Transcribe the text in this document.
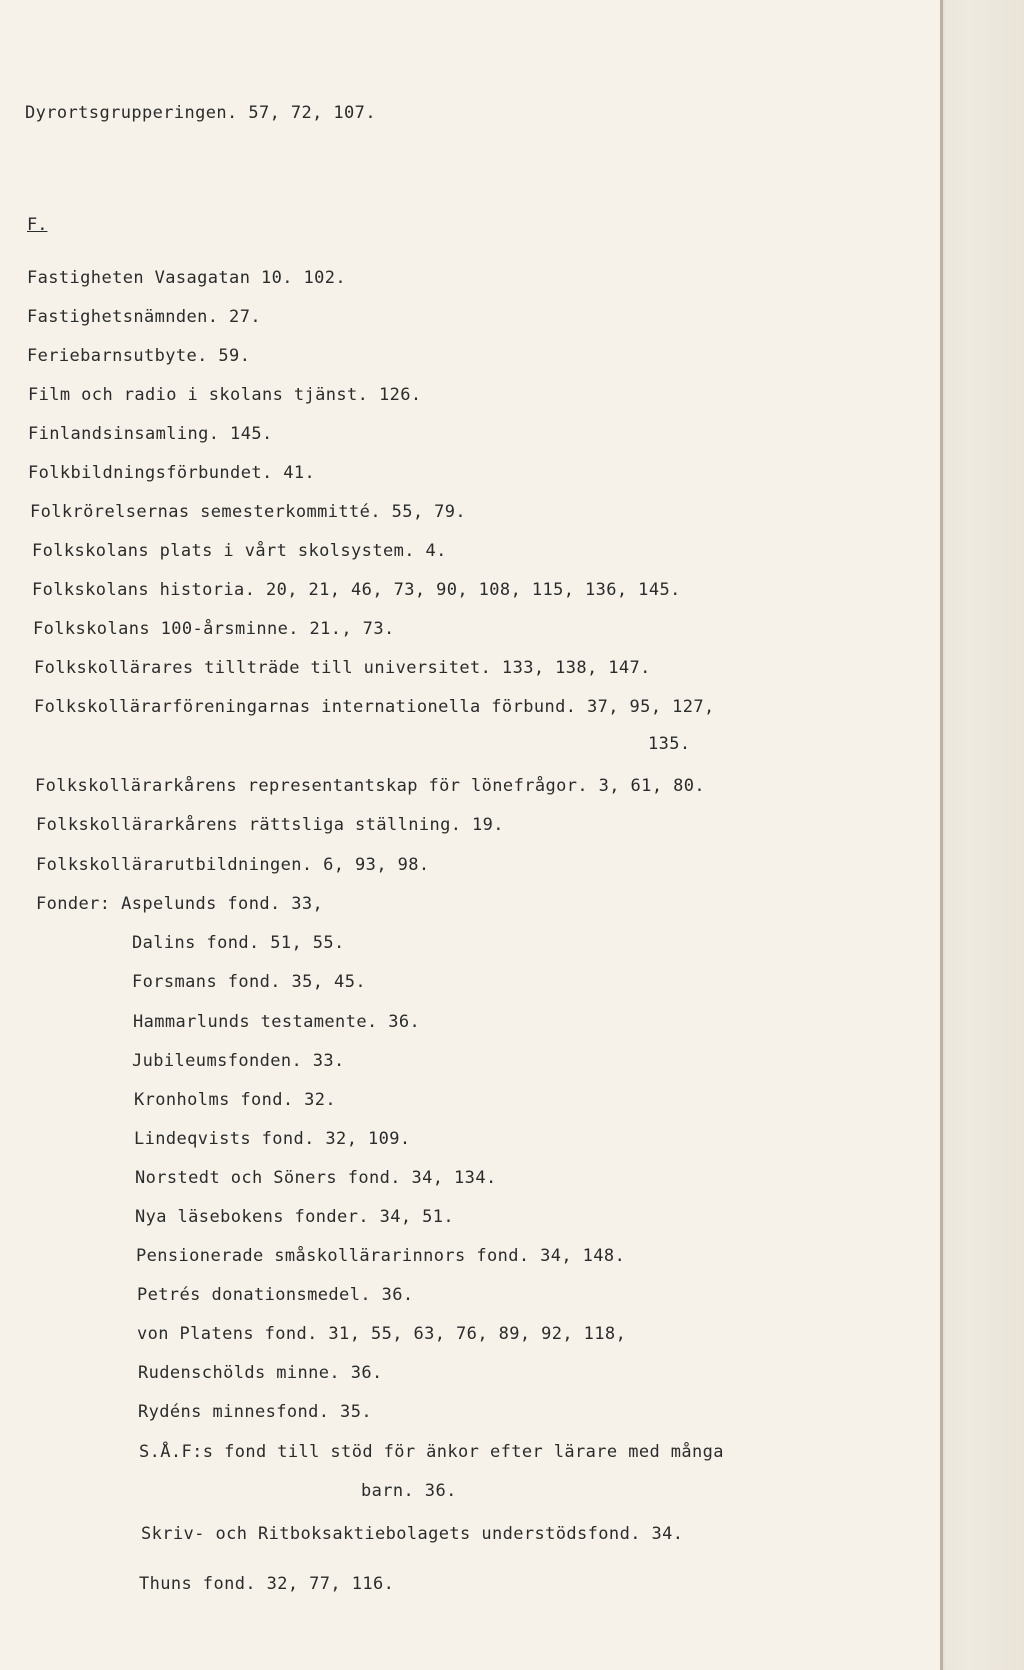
Dyrortsgrupperingen. 57, 72, 107.
F.
Fastigheten Vasagatan 10. 102.
Fastighetsnämnden. 27.
Feriebarnsutbyte. 59.
Film och radio i skolans tjänst. 126.
Finlandsinsamling. 145.
Folkbildningsförbundet. 41.
Folkrörelsernas semesterkommitté. 55, 79.
Folkskolans plats i vårt skolsystem. 4.
Folkskolans historia. 20, 21, 46, 73, 90, 108, 115, 136, 145.
Folkskolans 100-årsminne. 21., 73.
Folkskollärares tillträde till universitet. 133, 138, 147.
Folkskollärarföreningarnas internationella förbund. 37, 95, 127,
135.
Folkskollärarkårens representantskap för lönefrågor. 3, 61, 80.
Folkskollärarkårens rättsliga ställning. 19.
Folkskollärarutbildningen. 6, 93, 98.
Fonder: Aspelunds fond. 33,
Dalins fond. 51, 55.
Forsmans fond. 35, 45.
Hammarlunds testamente. 36.
Jubileumsfonden. 33.
Kronholms fond. 32.
Lindeqvists fond. 32, 109.
Norstedt och Söners fond. 34, 134.
Nya läsebokens fonder. 34, 51.
Pensionerade småskollärarinnors fond. 34, 148.
Petrés donationsmedel. 36.
von Platens fond. 31, 55, 63, 76, 89, 92, 118,
Rudenschölds minne. 36.
Rydéns minnesfond. 35.
S.Å.F:s fond till stöd för änkor efter lärare med många
barn. 36.
Skriv- och Ritboksaktiebolagets understödsfond. 34.
Thuns fond. 32, 77, 116.
